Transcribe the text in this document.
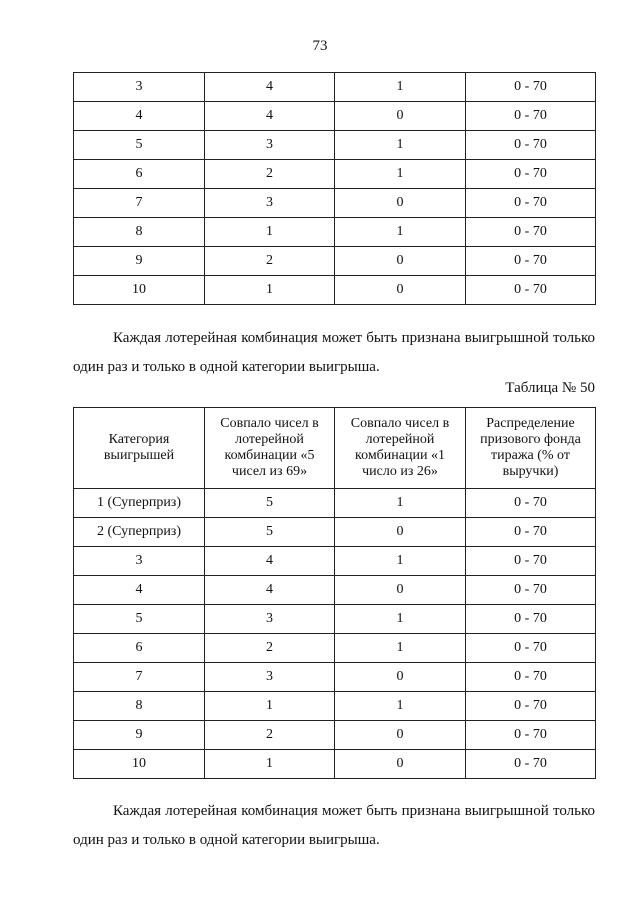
73
3	4	1	0 - 70
4	4	0	0 - 70
5	3	1	0 - 70
6	2	1	0 - 70
7	3	0	0 - 70
8	1	1	0 - 70
9	2	0	0 - 70
10	1	0	0 - 70

Каждая лотерейная комбинация может быть признана выигрышной только один раз и только в одной категории выигрыша.

Таблица № 50
Категория выигрышей	Совпало чисел в лотерейной комбинации «5 чисел из 69»	Совпало чисел в лотерейной комбинации «1 число из 26»	Распределение призового фонда тиража (% от выручки)
1 (Суперприз)	5	1	0 - 70
2 (Суперприз)	5	0	0 - 70
3	4	1	0 - 70
4	4	0	0 - 70
5	3	1	0 - 70
6	2	1	0 - 70
7	3	0	0 - 70
8	1	1	0 - 70
9	2	0	0 - 70
10	1	0	0 - 70

Каждая лотерейная комбинация может быть признана выигрышной только один раз и только в одной категории выигрыша.
